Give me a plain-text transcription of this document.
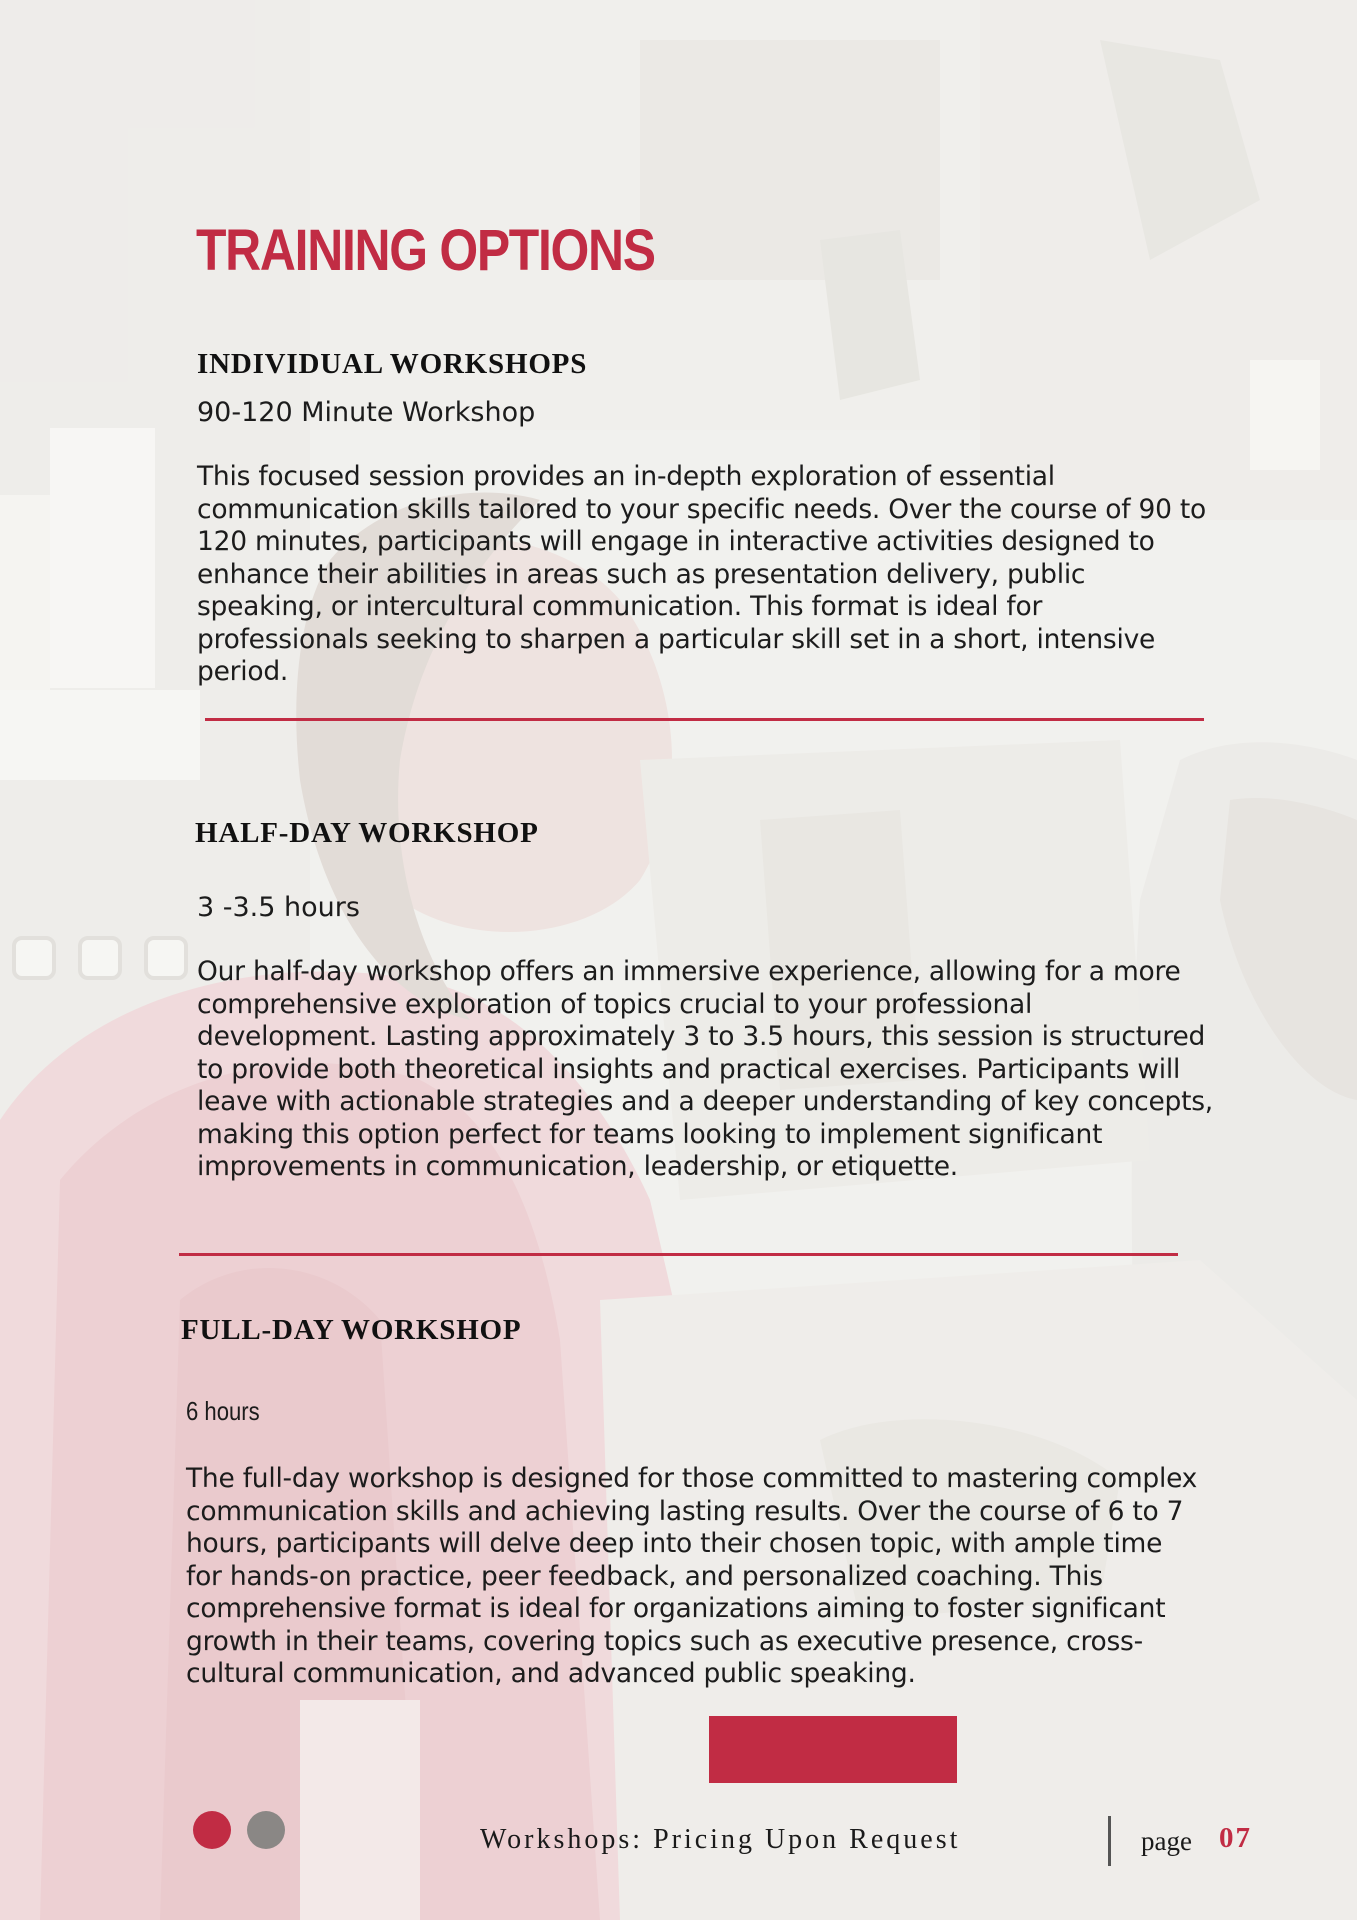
TRAINING OPTIONS
INDIVIDUAL WORKSHOPS

90-120 Minute Workshop

This focused session provides an in-depth exploration of essential
communication skills tailored to your specific needs. Over the course of 90 to
120 minutes, participants will engage in interactive activities designed to
enhance their abilities in areas such as presentation delivery, public
speaking, or intercultural communication. This format is ideal for
professionals seeking to sharpen a particular skill set in a short, intensive
period.

HALF-DAY WORKSHOP

3 -3.5 hours

Our half-day workshop offers an immersive experience, allowing for a more
comprehensive exploration of topics crucial to your professional
development. Lasting approximately 3 to 3.5 hours, this session is structured
to provide both theoretical insights and practical exercises. Participants will
leave with actionable strategies and a deeper understanding of key concepts,
making this option perfect for teams looking to implement significant
improvements in communication, leadership, or etiquette.

FULL-DAY WORKSHOP

6 hours

The full-day workshop is designed for those committed to mastering complex
communication skills and achieving lasting results. Over the course of 6 to 7
hours, participants will delve deep into their chosen topic, with ample time
for hands-on practice, peer feedback, and personalized coaching. This
comprehensive format is ideal for organizations aiming to foster significant
growth in their teams, covering topics such as executive presence, cross-
cultural communication, and advanced public speaking.

Workshops: Pricing Upon Request	page 07
